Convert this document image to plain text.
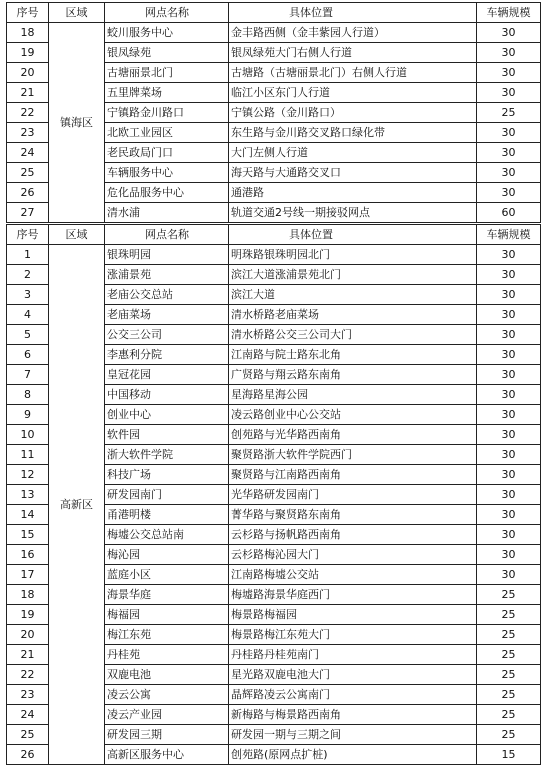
序号	区域	网点名称	具体位置	车辆规模
18	镇海区	蛟川服务中心	金丰路西侧（金丰紫园人行道）	30
19		银凤绿苑	银凤绿苑大门右侧人行道	30
20		古塘丽景北门	古塘路（古塘丽景北门）右侧人行道	30
21		五里牌菜场	临江小区东门人行道	30
22		宁镇路金川路口	宁镇公路（金川路口）	25
23		北欧工业园区	东生路与金川路交叉路口绿化带	30
24		老民政局门口	大门左侧人行道	30
25		车辆服务中心	海天路与大通路交叉口	30
26		危化品服务中心	通港路	30
27		清水浦	轨道交通2号线一期接驳网点	60
序号	区域	网点名称	具体位置	车辆规模
1	高新区	银珠明园	明珠路银珠明园北门	30
2		涨浦景苑	滨江大道涨浦景苑北门	30
3		老庙公交总站	滨江大道	30
4		老庙菜场	清水桥路老庙菜场	30
5		公交三公司	清水桥路公交三公司大门	30
6		李惠利分院	江南路与院士路东北角	30
7		皇冠花园	广贤路与翔云路东南角	30
8		中国移动	星海路星海公园	30
9		创业中心	凌云路创业中心公交站	30
10		软件园	创苑路与光华路西南角	30
11		浙大软件学院	聚贤路浙大软件学院西门	30
12		科技广场	聚贤路与江南路西南角	30
13		研发园南门	光华路研发园南门	30
14		甬港明楼	菁华路与聚贤路东南角	30
15		梅墟公交总站南	云杉路与扬帆路西南角	30
16		梅沁园	云杉路梅沁园大门	30
17		蓝庭小区	江南路梅墟公交站	30
18		海景华庭	梅墟路海景华庭西门	25
19		梅福园	梅景路梅福园	25
20		梅江东苑	梅景路梅江东苑大门	25
21		丹桂苑	丹桂路丹桂苑南门	25
22		双鹿电池	星光路双鹿电池大门	25
23		凌云公寓	晶辉路凌云公寓南门	25
24		凌云产业园	新梅路与梅景路西南角	25
25		研发园三期	研发园一期与三期之间	25
26		高新区服务中心	创苑路(原网点扩桩)	15
